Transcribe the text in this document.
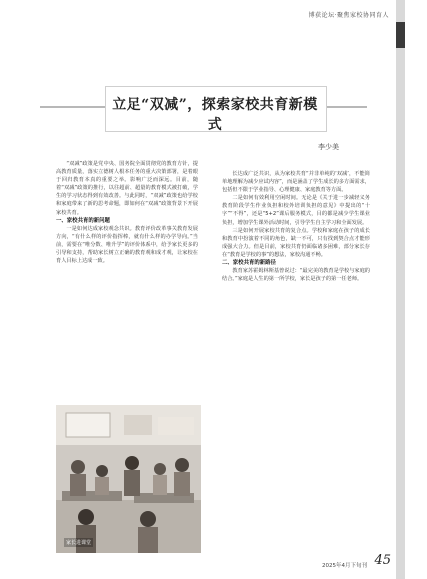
博获论坛·聚焦家校协同育人
立足“双减”，探索家校共育新模式
李少美

“双减”政策是党中央、国务院全面贯彻党的教育方针，提高教育质量，落实立德树人根本任务的重大决策部署，是着眼于回归教育本真的重要之举。影响广泛而深远。目前，随着“双减”政策的推行，以往超前、超量的教育模式被打破，学生的学习状态得到有效改善。与此同时，“双减”政策也给学校和家庭带来了新的思考命题，即如何在“双减”政策背景下开展家校共育。

一、家校共育的新问题

一是如何达成家校观念共识。教育评价改革事关教育发展方向，“有什么样的评价指挥棒，就有什么样的办学导向。”当前，需要在“唯分数、唯升学”的评价体系中，给予家长更多的引导和支持，帮助家长树立正确的教育观和成才观，让家校在育人目标上达成一致。

家长进课堂

长达成广泛共识，从为家校共育“并非单纯的‘双减’，不能简单地理解为减少应试内容”，而是涵盖了学生成长的多方面需求，包括但不限于学业指导、心理健康、家庭教育等方面。

二是如何有效利用空闲时间。无论是《关于进一步减轻义务教育阶段学生作业负担和校外培训负担的意见》中提出的“十字”“不得”，还是“5+2”课后服务模式，目的都是减少学生课业负担，增加学生课外活动时间，引导学生自主学习和全面发展。

三是如何开展家校共育的复合点。学校和家庭在孩子的成长和教育中扮演着不同的角色，缺一不可，只有找到契合点才能形成强大合力。但是目前，家校共育仍面临诸多困难，部分家长存在“教育是学校的事”的想法，家校沟通不畅。

二、家校共育的新路径

教育家苏霍姆林斯基曾说过：“最完美的教育是学校与家庭的结合。”家庭是人生的第一所学校，家长是孩子的第一任老师。

2025年4月下旬刊 45
